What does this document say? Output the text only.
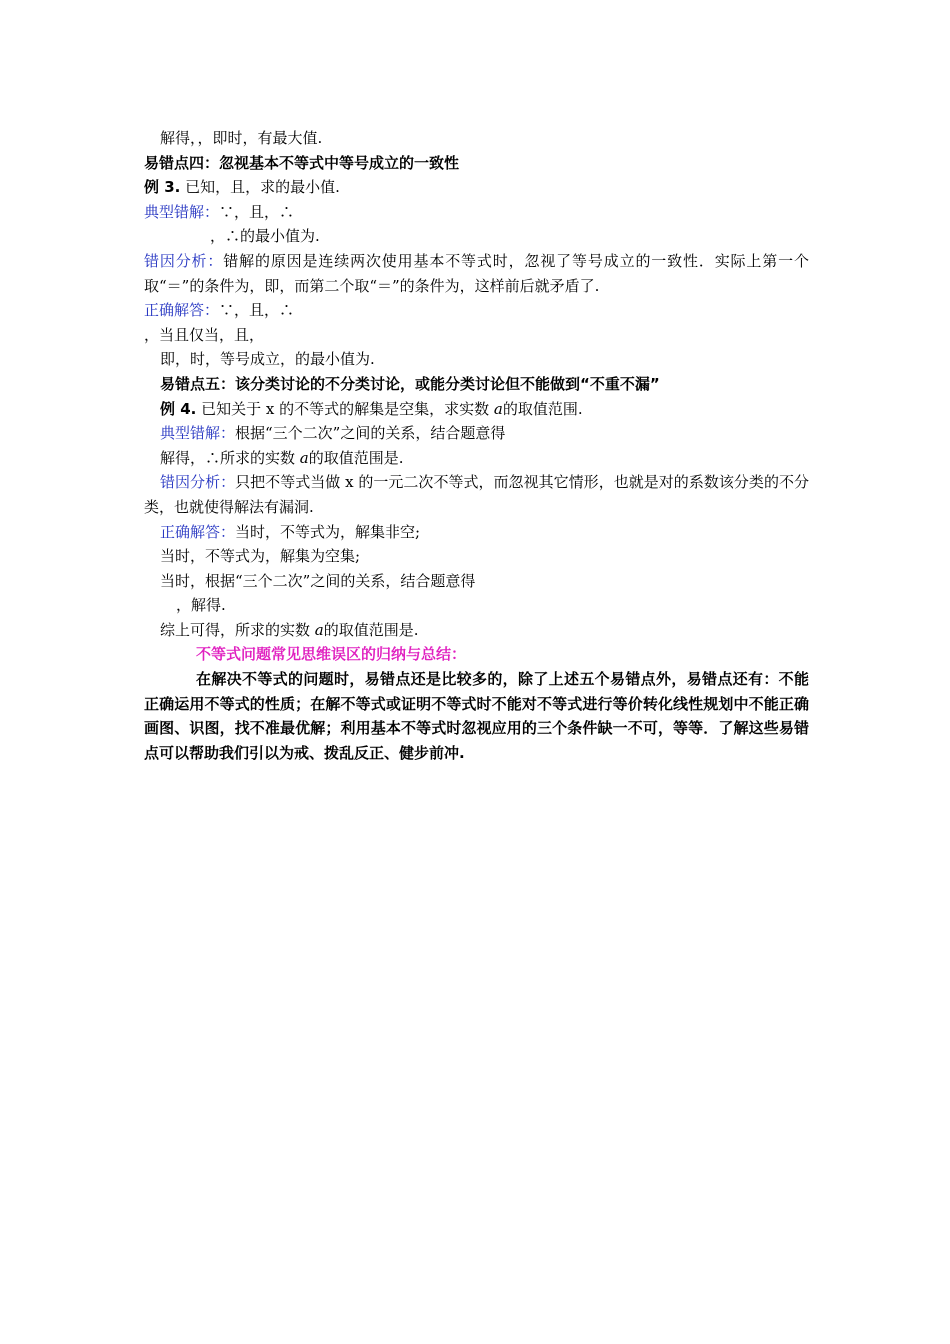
解得，，即时，有最大值.
易错点四：忽视基本不等式中等号成立的一致性
例 3. 已知，且，求的最小值.
典型错解：∵，且，∴
，∴的最小值为.
错因分析：错解的原因是连续两次使用基本不等式时，忽视了等号成立的一致性．实际上第一个取“＝”的条件为，即，而第二个取“＝”的条件为，这样前后就矛盾了.
正确解答：∵，且，∴
，当且仅当，且，
即，时，等号成立，的最小值为.
易错点五：该分类讨论的不分类讨论，或能分类讨论但不能做到“不重不漏”
例 4. 已知关于 x 的不等式的解集是空集，求实数 a的取值范围.
典型错解：根据“三个二次”之间的关系，结合题意得
解得，∴所求的实数 a的取值范围是.
错因分析：只把不等式当做 x 的一元二次不等式，而忽视其它情形，也就是对的系数该分类的不分类，也就使得解法有漏洞.
正确解答：当时，不等式为，解集非空;
当时，不等式为，解集为空集;
当时，根据“三个二次”之间的关系，结合题意得
，解得.
综上可得，所求的实数 a的取值范围是.
不等式问题常见思维误区的归纳与总结：
在解决不等式的问题时，易错点还是比较多的，除了上述五个易错点外，易错点还有：不能正确运用不等式的性质；在解不等式或证明不等式时不能对不等式进行等价转化线性规划中不能正确画图、识图，找不准最优解；利用基本不等式时忽视应用的三个条件缺一不可，等等．了解这些易错点可以帮助我们引以为戒、拨乱反正、健步前冲.
